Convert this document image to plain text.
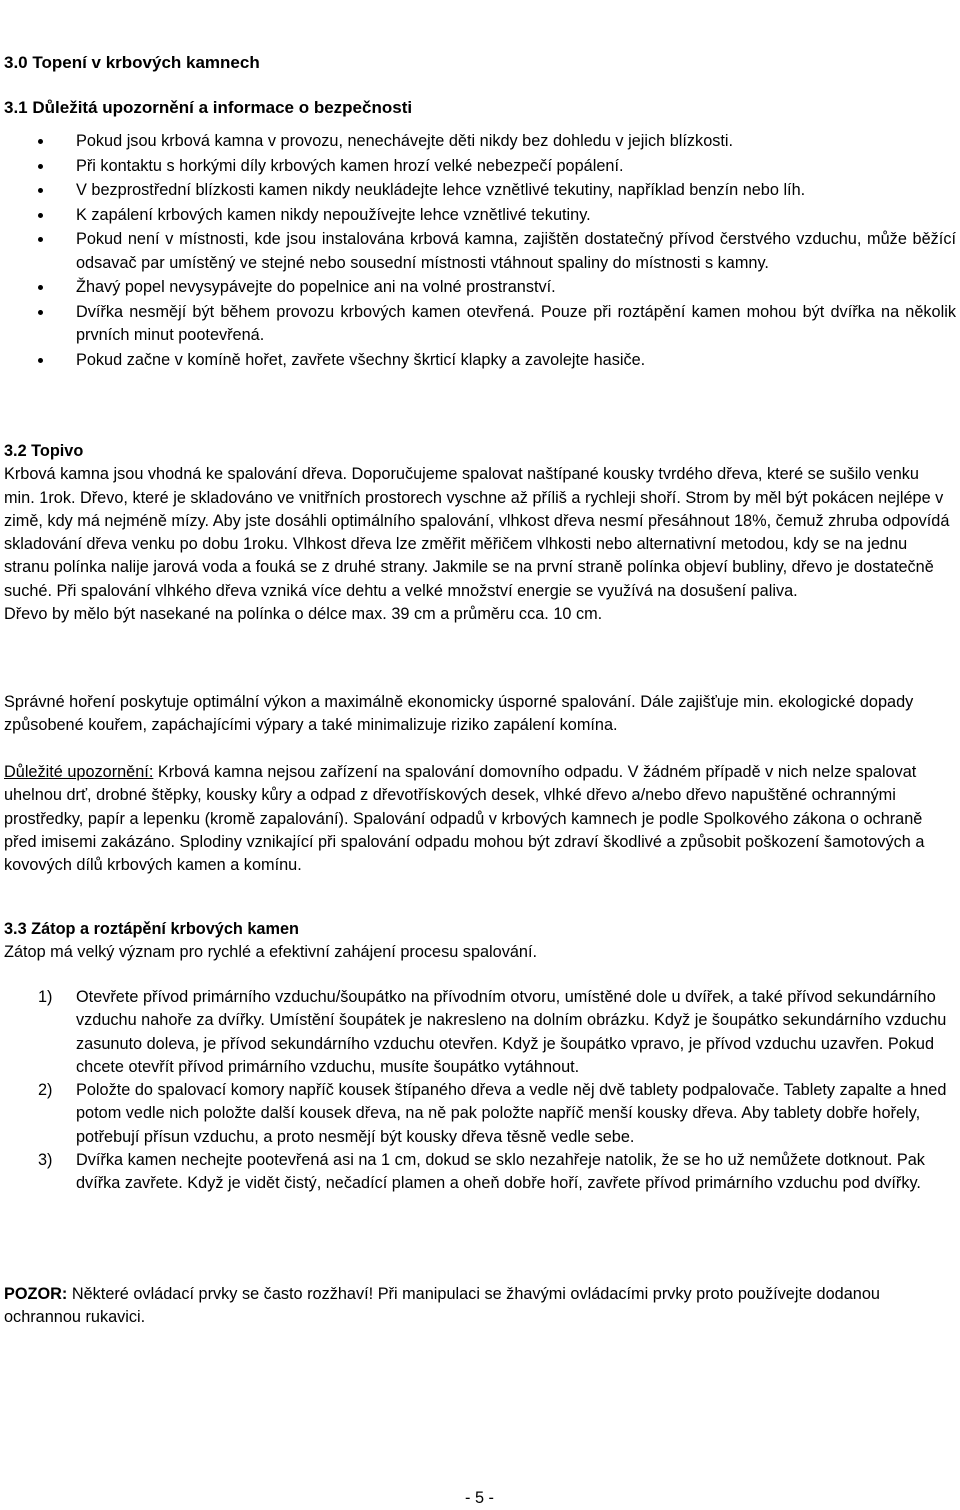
3.0 Topení v krbových kamnech
3.1 Důležitá upozornění a informace o bezpečnosti
Pokud jsou krbová kamna v provozu, nenechávejte děti nikdy bez dohledu v jejich blízkosti.
Při kontaktu s horkými díly krbových kamen hrozí velké nebezpečí popálení.
V bezprostřední blízkosti kamen nikdy neukládejte lehce vznětlivé tekutiny, například benzín nebo líh.
K zapálení krbových kamen nikdy nepoužívejte lehce vznětlivé tekutiny.
Pokud není v místnosti, kde jsou instalována krbová kamna, zajištěn dostatečný přívod čerstvého vzduchu, může běžící odsavač par umístěný ve stejné nebo sousední místnosti vtáhnout spaliny do místnosti s kamny.
Žhavý popel nevysypávejte do popelnice ani na volné prostranství.
Dvířka nesmějí být během provozu krbových kamen otevřená. Pouze při roztápění kamen mohou být dvířka na několik prvních minut pootevřená.
Pokud začne v komíně hořet, zavřete všechny škrticí klapky a zavolejte hasiče.

3.2 Topivo

Krbová kamna jsou vhodná ke spalování dřeva. Doporučujeme spalovat naštípané kousky tvrdého dřeva, které se sušilo venku min. 1rok. Dřevo, které je skladováno ve vnitřních prostorech vyschne až příliš a rychleji shoří. Strom by měl být pokácen nejlépe v zimě, kdy má nejméně mízy. Aby jste dosáhli optimálního spalování, vlhkost dřeva nesmí přesáhnout 18%, čemuž zhruba odpovídá skladování dřeva venku po dobu 1roku. Vlhkost dřeva lze změřit měřičem vlhkosti nebo alternativní metodou, kdy se na jednu stranu polínka nalije jarová voda a fouká se z druhé strany. Jakmile se na první straně polínka objeví bubliny, dřevo je dostatečně suché. Při spalování vlhkého dřeva vzniká více dehtu a velké množství energie se využívá na dosušení paliva.

Dřevo by mělo být nasekané na polínka o délce max. 39 cm a průměru cca. 10 cm.

Správné hoření poskytuje optimální výkon a maximálně ekonomicky úsporné spalování. Dále zajišťuje min. ekologické dopady způsobené kouřem, zapáchajícími výpary a také minimalizuje riziko zapálení komína.

Důležité upozornění: Krbová kamna nejsou zařízení na spalování domovního odpadu. V žádném případě v nich nelze spalovat uhelnou drť, drobné štěpky, kousky kůry a odpad z dřevotřískových desek, vlhké dřevo a/nebo dřevo napuštěné ochrannými prostředky, papír a lepenku (kromě zapalování). Spalování odpadů v krbových kamnech je podle Spolkového zákona o ochraně před imisemi zakázáno. Splodiny vznikající při spalování odpadu mohou být zdraví škodlivé a způsobit poškození šamotových a kovových dílů krbových kamen a komínu.

3.3 Zátop a roztápění krbových kamen

Zátop má velký význam pro rychlé a efektivní zahájení procesu spalování.

1) Otevřete přívod primárního vzduchu/šoupátko na přívodním otvoru, umístěné dole u dvířek, a také přívod sekundárního vzduchu nahoře za dvířky. Umístění šoupátek je nakresleno na dolním obrázku. Když je šoupátko sekundárního vzduchu zasunuto doleva, je přívod sekundárního vzduchu otevřen. Když je šoupátko vpravo, je přívod vzduchu uzavřen. Pokud chcete otevřít přívod primárního vzduchu, musíte šoupátko vytáhnout.
2) Položte do spalovací komory napříč kousek štípaného dřeva a vedle něj dvě tablety podpalovače. Tablety zapalte a hned potom vedle nich položte další kousek dřeva, na ně pak položte napříč menší kousky dřeva. Aby tablety dobře hořely, potřebují přísun vzduchu, a proto nesmějí být kousky dřeva těsně vedle sebe.
3) Dvířka kamen nechejte pootevřená asi na 1 cm, dokud se sklo nezahřeje natolik, že se ho už nemůžete dotknout. Pak dvířka zavřete. Když je vidět čistý, nečadící plamen a oheň dobře hoří, zavřete přívod primárního vzduchu pod dvířky.

POZOR: Některé ovládací prvky se často rozžhaví! Při manipulaci se žhavými ovládacími prvky proto používejte dodanou ochrannou rukavici.

- 5 -
